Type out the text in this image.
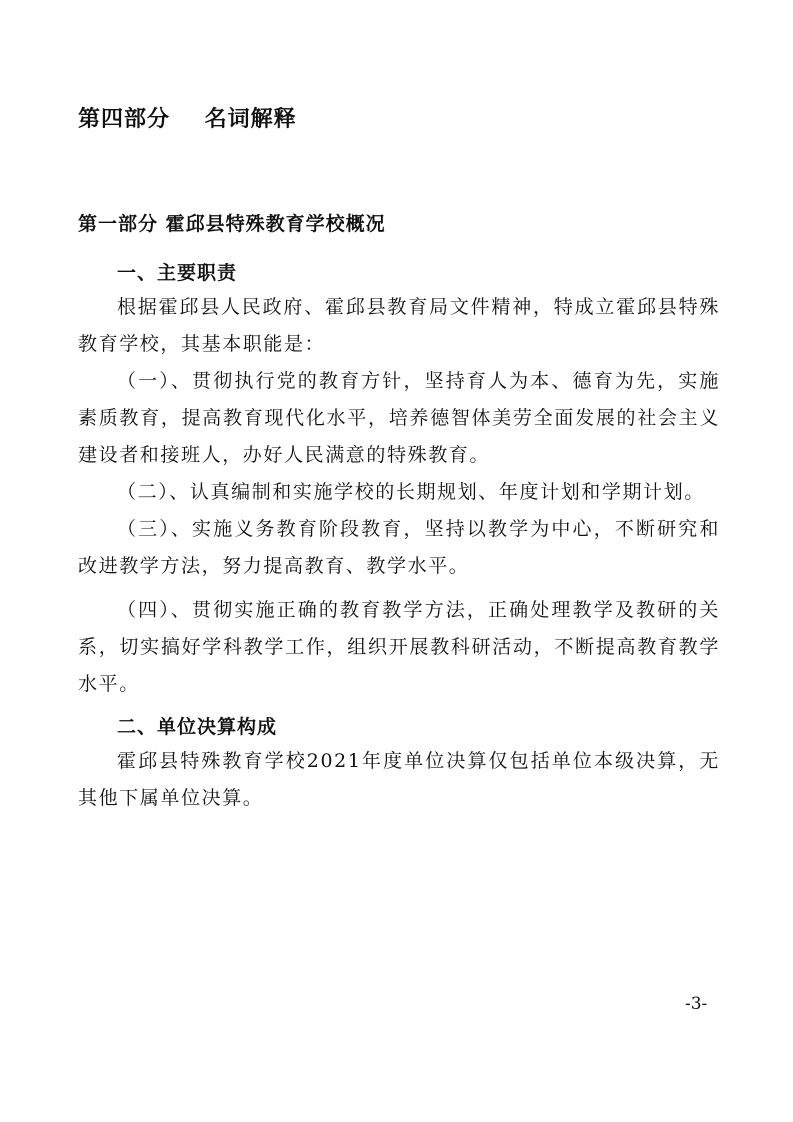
第四部分    名词解释
第一部分 霍邱县特殊教育学校概况
一、主要职责

根据霍邱县人民政府、霍邱县教育局文件精神，特成立霍邱县特殊教育学校，其基本职能是：

（一）、贯彻执行党的教育方针，坚持育人为本、德育为先，实施素质教育，提高教育现代化水平，培养德智体美劳全面发展的社会主义建设者和接班人，办好人民满意的特殊教育。

（二）、认真编制和实施学校的长期规划、年度计划和学期计划。

（三）、实施义务教育阶段教育，坚持以教学为中心，不断研究和改进教学方法，努力提高教育、教学水平。

（四）、贯彻实施正确的教育教学方法，正确处理教学及教研的关系，切实搞好学科教学工作，组织开展教科研活动，不断提高教育教学水平。

二、单位决算构成

霍邱县特殊教育学校2021年度单位决算仅包括单位本级决算，无其他下属单位决算。

-3-
